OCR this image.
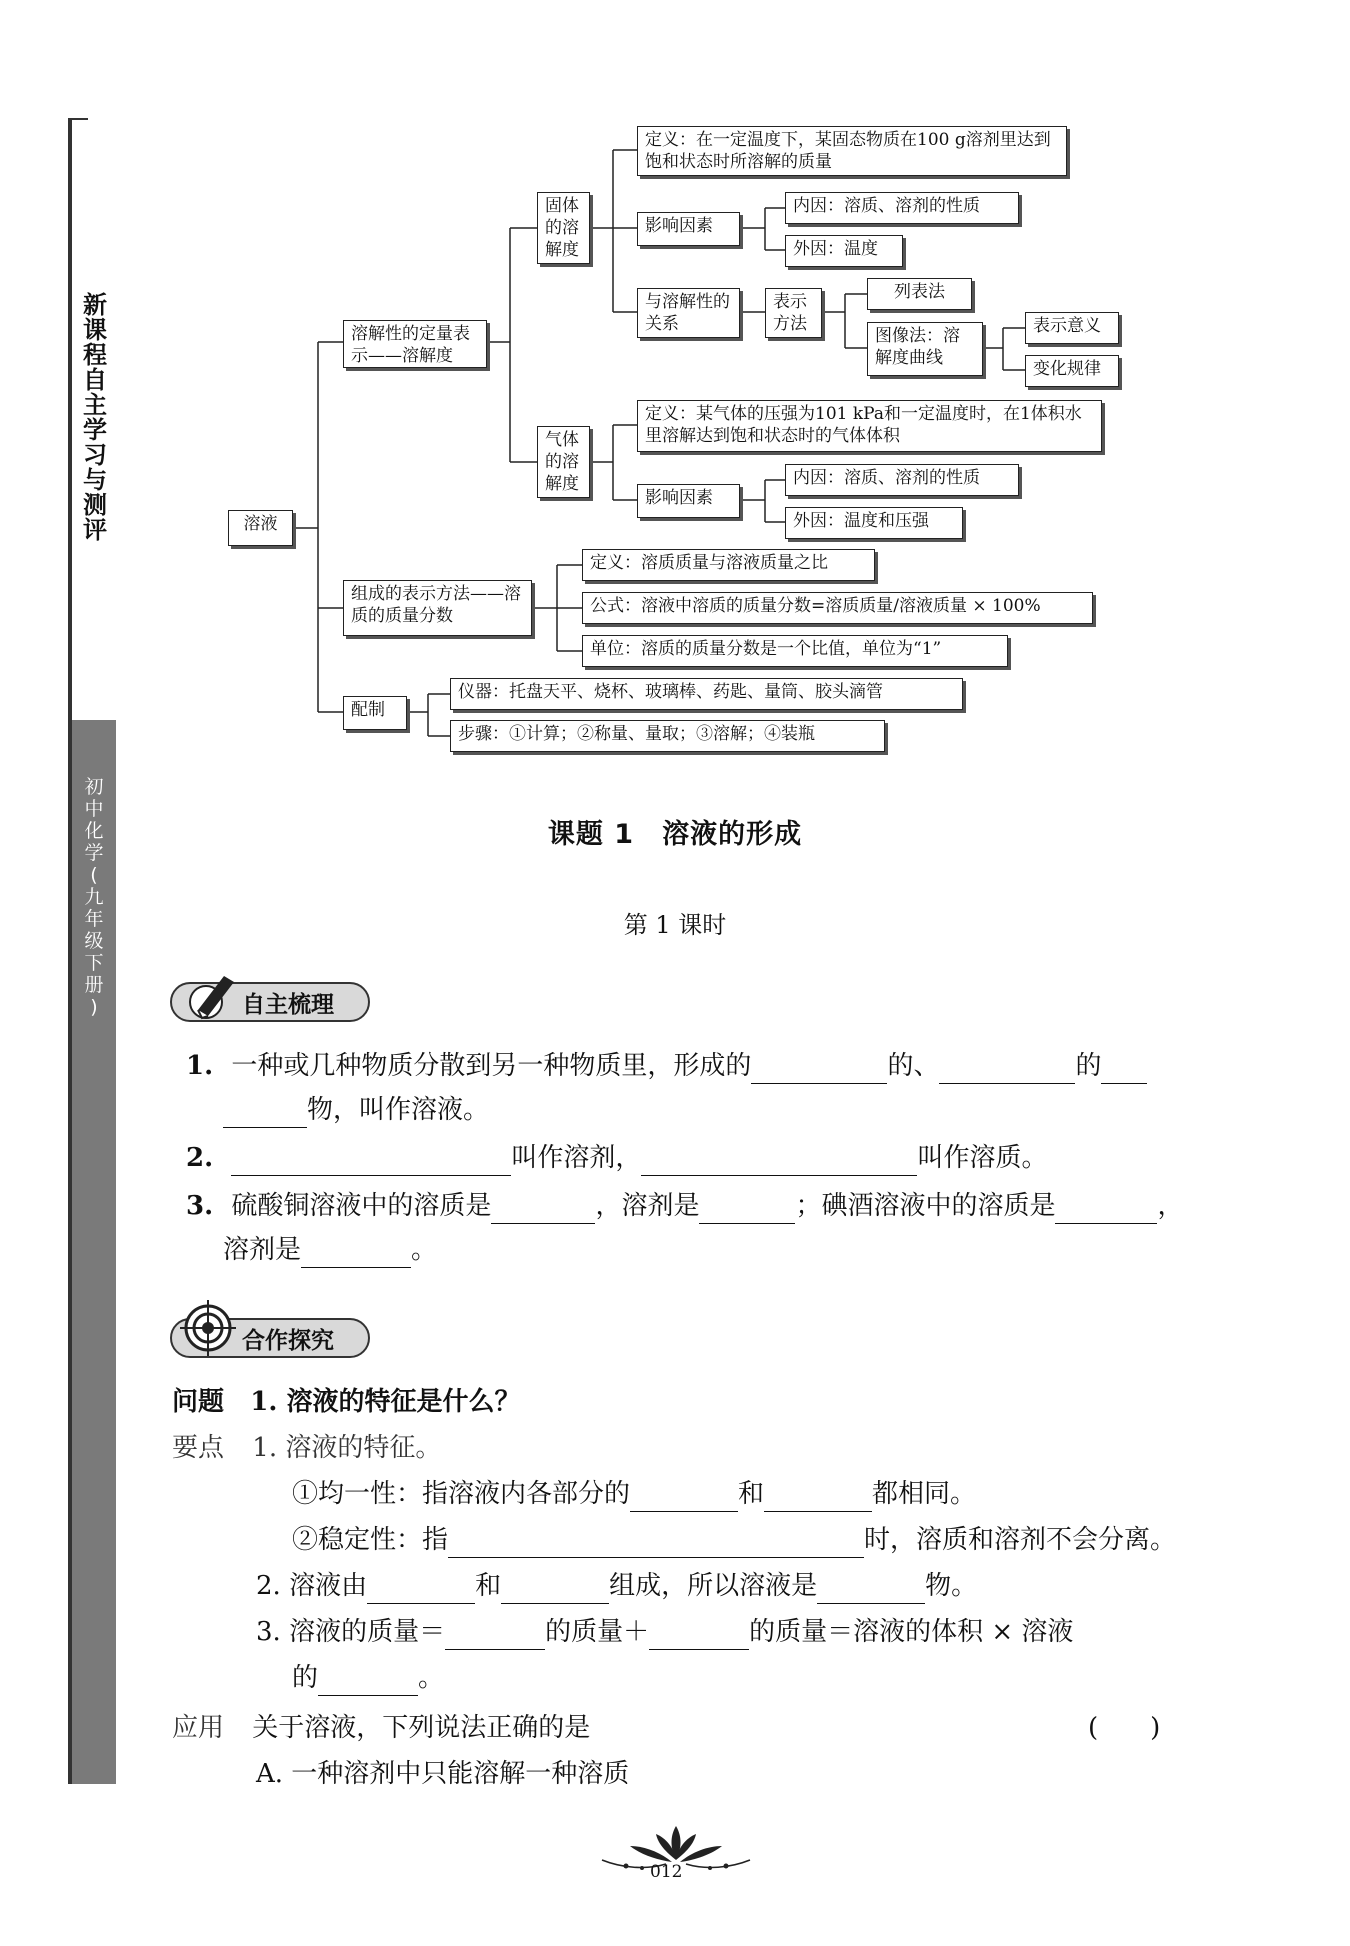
新
课
程
自
主
学
习
与
测
评
初
中
化
学
(
九
年
级
下
册
)
溶液
溶解性的定量表示——溶解度
固体的溶解度
定义：在一定温度下，某固态物质在100 g溶剂里达到饱和状态时所溶解的质量
影响因素
内因：溶质、溶剂的性质
外因：温度
与溶解性的关系
表示方法
列表法
图像法：溶解度曲线
表示意义
变化规律
气体的溶解度
定义：某气体的压强为101 kPa和一定温度时，在1体积水里溶解达到饱和状态时的气体体积
影响因素
内因：溶质、溶剂的性质
外因：温度和压强
组成的表示方法——溶质的质量分数
定义：溶质质量与溶液质量之比
公式：溶液中溶质的质量分数=溶质质量/溶液质量 × 100%
单位：溶质的质量分数是一个比值，单位为“1”
配制
仪器：托盘天平、烧杯、玻璃棒、药匙、量筒、胶头滴管
步骤：①计算；②称量、量取；③溶解；④装瓶
课题 1　溶液的形成
第 1 课时
自主梳理
1. 一种或几种物质分散到另一种物质里，形成的	的、	的
物，叫作溶液。
2.	叫作溶剂，	叫作溶质。
3. 硫酸铜溶液中的溶质是	，溶剂是	；碘酒溶液中的溶质是	，
溶剂是	。
合作探究
问题 1. 溶液的特征是什么？
要点 1. 溶液的特征。
①均一性：指溶液内各部分的	和	都相同。
②稳定性：指	时，溶质和溶剂不会分离。
2. 溶液由	和	组成，所以溶液是	物。
3. 溶液的质量＝	的质量＋	的质量＝溶液的体积 × 溶液
的	。
应用 关于溶液，下列说法正确的是	(　　)
A. 一种溶剂中只能溶解一种溶质
012
